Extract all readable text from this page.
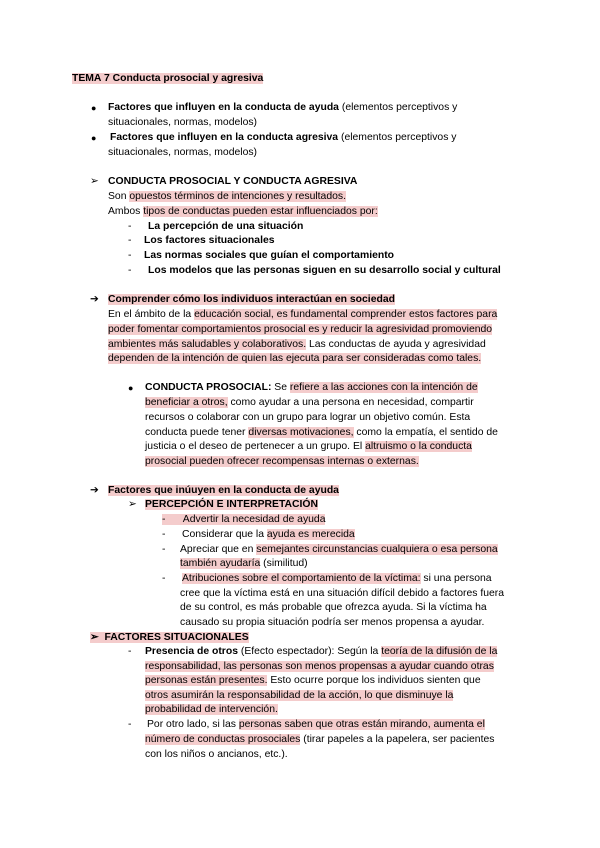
TEMA 7 Conducta prosocial y agresiva
● Factores que influyen en la conducta de ayuda (elementos perceptivos y
situacionales, normas, modelos)
● Factores que influyen en la conducta agresiva (elementos perceptivos y
situacionales, normas, modelos)
➢ CONDUCTA PROSOCIAL Y CONDUCTA AGRESIVA
Son opuestos términos de intenciones y resultados.
Ambos tipos de conductas pueden estar influenciados por:
- La percepción de una situación
- Los factores situacionales
- Las normas sociales que guían el comportamiento
- Los modelos que las personas siguen en su desarrollo social y cultural
➔ Comprender cómo los individuos interactúan en sociedad
En el ámbito de la educación social, es fundamental comprender estos factores para
poder fomentar comportamientos prosocial es y reducir la agresividad promoviendo
ambientes más saludables y colaborativos. Las conductas de ayuda y agresividad
dependen de la intención de quien las ejecuta para ser consideradas como tales.
● CONDUCTA PROSOCIAL: Se refiere a las acciones con la intención de
beneficiar a otros, como ayudar a una persona en necesidad, compartir
recursos o colaborar con un grupo para lograr un objetivo común. Esta
conducta puede tener diversas motivaciones, como la empatía, el sentido de
justicia o el deseo de pertenecer a un grupo. El altruismo o la conducta
prosocial pueden ofrecer recompensas internas o externas.
➔ Factores que inúuyen en la conducta de ayuda
➢ PERCEPCIÓN E INTERPRETACIÓN
- Advertir la necesidad de ayuda
- Considerar que la ayuda es merecida
- Apreciar que en semejantes circunstancias cualquiera o esa persona
también ayudaría (similitud)
- Atribuciones sobre el comportamiento de la víctima: si una persona
cree que la víctima está en una situación difícil debido a factores fuera
de su control, es más probable que ofrezca ayuda. Si la víctima ha
causado su propia situación podría ser menos propensa a ayudar.
➢ FACTORES SITUACIONALES
- Presencia de otros (Efecto espectador): Según la teoría de la difusión de la
responsabilidad, las personas son menos propensas a ayudar cuando otras
personas están presentes. Esto ocurre porque los individuos sienten que
otros asumirán la responsabilidad de la acción, lo que disminuye la
probabilidad de intervención.
- Por otro lado, si las personas saben que otras están mirando, aumenta el
número de conductas prosociales (tirar papeles a la papelera, ser pacientes
con los niños o ancianos, etc.).
